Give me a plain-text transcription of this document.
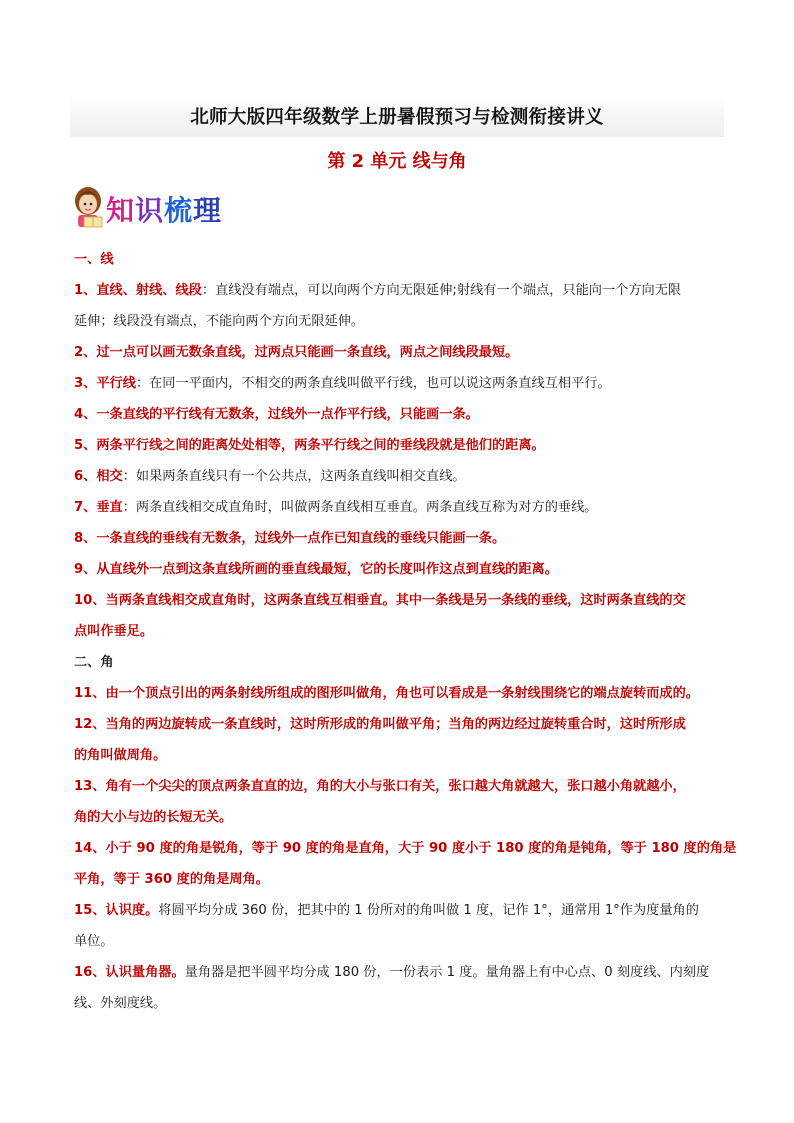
北师大版四年级数学上册暑假预习与检测衔接讲义
第 2 单元 线与角
知识梳理
一、线
1、直线、射线、线段：直线没有端点，可以向两个方向无限延伸;射线有一个端点，只能向一个方向无限
延伸；线段没有端点，不能向两个方向无限延伸。
2、过一点可以画无数条直线，过两点只能画一条直线，两点之间线段最短。
3、平行线：在同一平面内，不相交的两条直线叫做平行线，也可以说这两条直线互相平行。
4、一条直线的平行线有无数条，过线外一点作平行线，只能画一条。
5、两条平行线之间的距离处处相等，两条平行线之间的垂线段就是他们的距离。
6、相交：如果两条直线只有一个公共点，这两条直线叫相交直线。
7、垂直：两条直线相交成直角时，叫做两条直线相互垂直。两条直线互称为对方的垂线。
8、一条直线的垂线有无数条，过线外一点作已知直线的垂线只能画一条。
9、从直线外一点到这条直线所画的垂直线最短，它的长度叫作这点到直线的距离。
10、当两条直线相交成直角时，这两条直线互相垂直。其中一条线是另一条线的垂线，这时两条直线的交
点叫作垂足。
二、角
11、由一个顶点引出的两条射线所组成的图形叫做角，角也可以看成是一条射线围绕它的端点旋转而成的。
12、当角的两边旋转成一条直线时，这时所形成的角叫做平角；当角的两边经过旋转重合时，这时所形成
的角叫做周角。
13、角有一个尖尖的顶点两条直直的边，角的大小与张口有关，张口越大角就越大，张口越小角就越小，
角的大小与边的长短无关。
14、小于 90 度的角是锐角，等于 90 度的角是直角，大于 90 度小于 180 度的角是钝角，等于 180 度的角是
平角，等于 360 度的角是周角。
15、认识度。将圆平均分成 360 份，把其中的 1 份所对的角叫做 1 度，记作 1°，通常用 1°作为度量角的
单位。
16、认识量角器。量角器是把半圆平均分成 180 份，一份表示 1 度。量角器上有中心点、0 刻度线、内刻度
线、外刻度线。
